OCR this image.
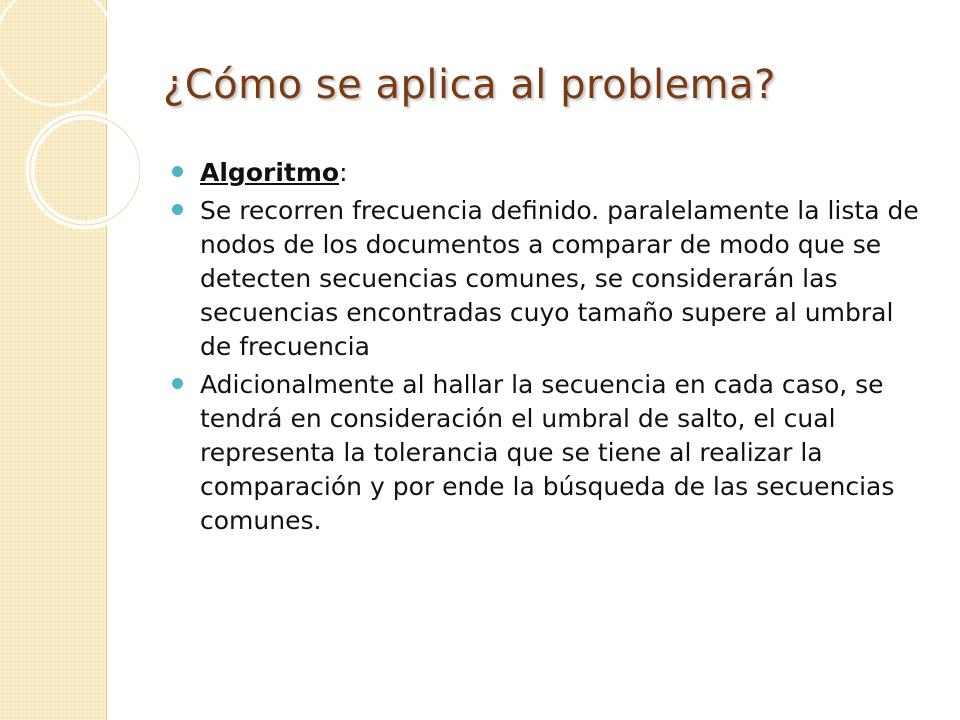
¿Cómo se aplica al problema?
Algoritmo:
Se recorren frecuencia definido. paralelamente la lista de nodos de los documentos a comparar de modo que se detecten secuencias comunes, se considerarán las secuencias encontradas cuyo tamaño supere al umbral de frecuencia
Adicionalmente al hallar la secuencia en cada caso, se tendrá en consideración el umbral de salto, el cual representa la tolerancia que se tiene al realizar la comparación y por ende la búsqueda de las secuencias comunes.
